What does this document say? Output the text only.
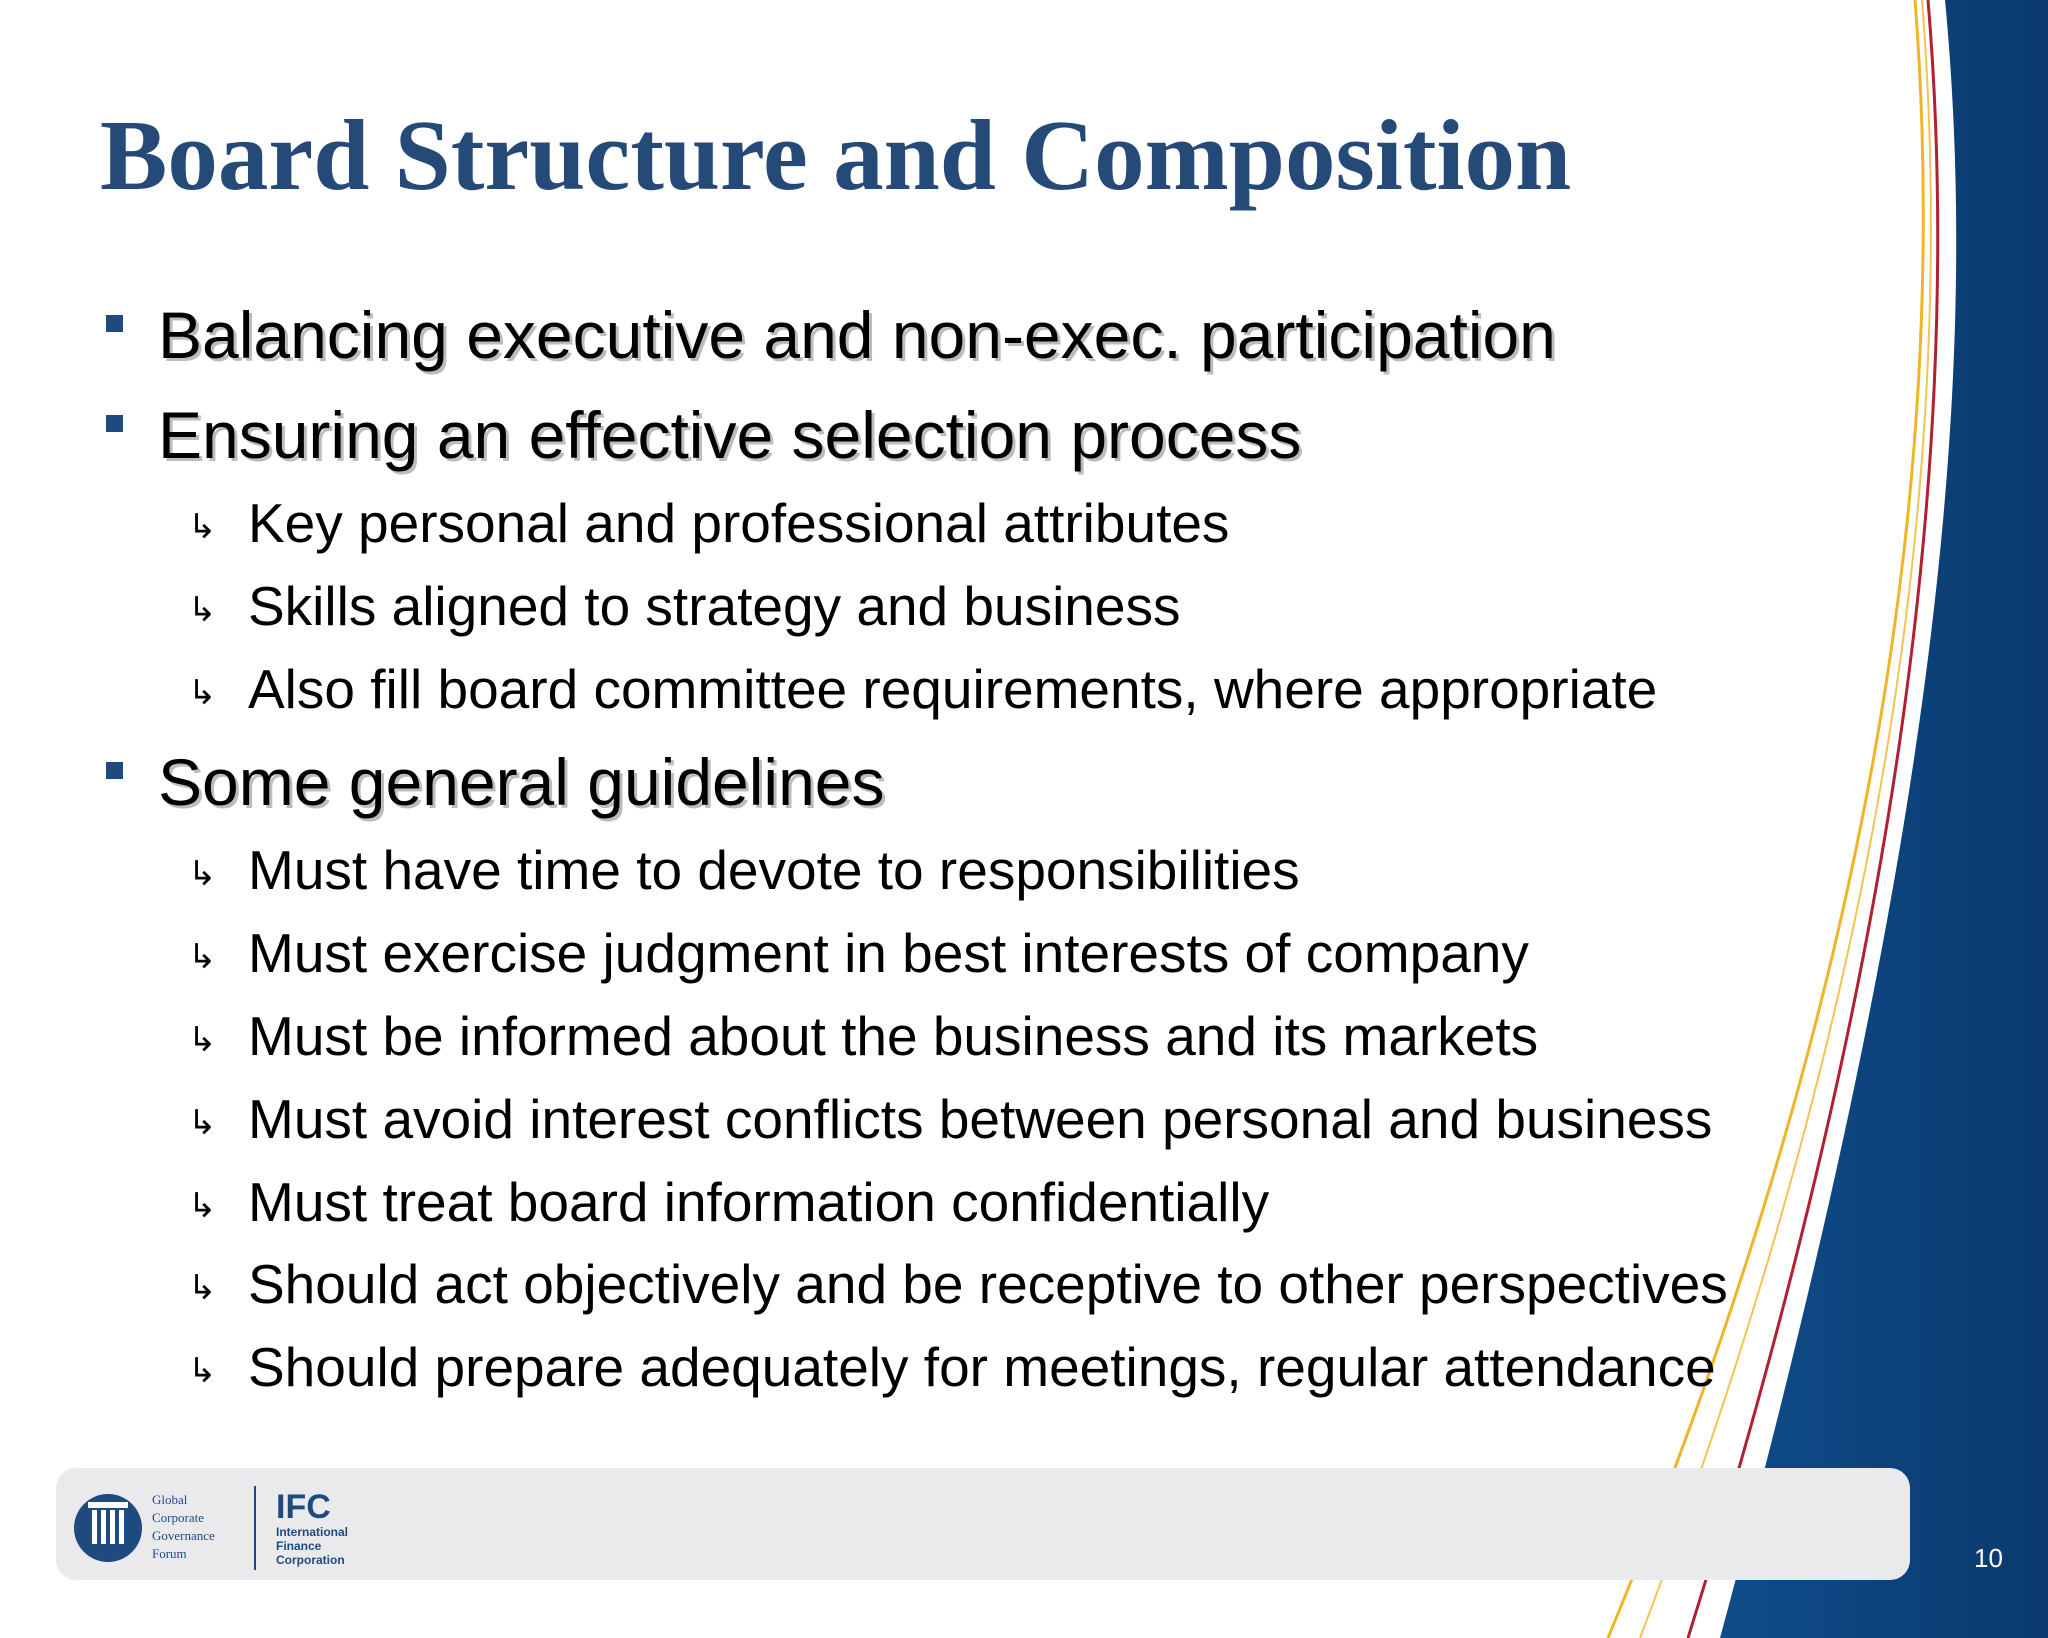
Board Structure and Composition
Balancing executive and non-exec. participation
Ensuring an effective selection process
↳ Key personal and professional attributes
↳ Skills aligned to strategy and business
↳ Also fill board committee requirements, where appropriate
Some general guidelines
↳ Must have time to devote to responsibilities
↳ Must exercise judgment in best interests of company
↳ Must be informed about the business and its markets
↳ Must avoid interest conflicts between personal and business
↳ Must treat board information confidentially
↳ Should act objectively and be receptive to other perspectives
↳ Should prepare adequately for meetings, regular attendance
Global
Corporate
Governance
Forum
IFC
International
Finance
Corporation	10
